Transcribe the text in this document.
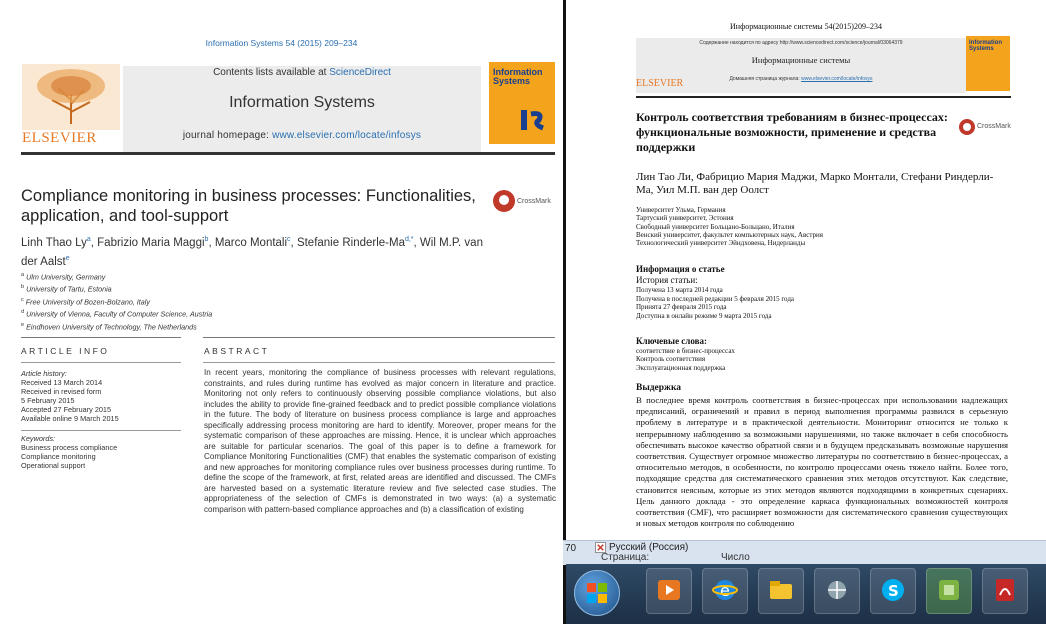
Information Systems 54 (2015) 209–234
ELSEVIER
Contents lists available at ScienceDirect
Information Systems
journal homepage: www.elsevier.com/locate/infosys
Information Systems
Compliance monitoring in business processes: Functionalities, application, and tool-support
CrossMark
Linh Thao Ly$^a$, Fabrizio Maria Maggi$^b$, Marco Montali$^c$, Stefanie Rinderle-$Ma^{d,*}$, Wil M.P. van der Aalst$^e$
$^a$ Ulm University, Germany
$^b$ University of Tartu, Estonia
$^c$ Free University of Bozen-Bolzano, Italy
$^d$ University of Vienna, Faculty of Computer Science, Austria
$^e$ Eindhoven University of Technology, The Netherlands
ARTICLE INFO	ABSTRACT
Article history:
Received 13 March 2014
Received in revised form
5 February 2015
Accepted 27 February 2015
Available online 9 March 2015
Keywords:
Business process compliance
Compliance monitoring
Operational support
In recent years, monitoring the compliance of business processes with relevant regulations, constraints, and rules during runtime has evolved as major concern in literature and practice. Monitoring not only refers to continuously observing possible compliance violations, but also includes the ability to provide fine-grained feedback and to predict possible compliance violations in the future. The body of literature on business process compliance is large and approaches specifically addressing process monitoring are hard to identify. Moreover, proper means for the systematic comparison of these approaches are missing. Hence, it is unclear which approaches are suitable for particular scenarios. The goal of this paper is to define a framework for Compliance Monitoring Functionalities (CMF) that enables the systematic comparison of existing and new approaches for monitoring compliance rules over business processes during runtime. To define the scope of the framework, at first, related areas are identified and discussed. The CMFs are harvested based on a systematic literature review and five selected case studies. The appropriateness of the selection of CMFs is demonstrated in two ways: (a) a systematic comparison with pattern-based compliance approaches and (b) a classification of existing
Информационные системы 54(2015)209–234
Содержание находится по адресу http://www.sciencedirect.com/science/journal/03064379
Информационные системы
Домашняя страница журнала: www.elsevier.com/locate/infosys
ELSEVIER
Information Systems
Контроль соответствия требованиям в бизнес-процессах: функциональные возможности, применение и средства поддержки
CrossMark
Лин Тао Ли, Фабрицио Мария Маджи, Марко Монтали, Стефани Риндерли-Ма, Уил М.П. ван дер Оолст
Университет Ульма, Германия
Тартуский университет, Эстония
Свободный университет Больцано-Больцано, Италия
Венский университет, факультет компьютерных наук, Австрия
Технологический университет Эйндховена, Нидерланды
Информация о статье
История статьи:
Получена 13 марта 2014 года
Получена в последней редакции 5 февраля 2015 года
Принята 27 февраля 2015 года
Доступна в онлайн режиме 9 марта 2015 года
Ключевые слова:
соответствие в бизнес-процессах
Контроль соответствия
Эксплуатационная поддержка
Выдержка
В последнее время контроль соответствия в бизнес-процессах при использовании надлежащих предписаний, ограничений и правил в период выполнения программы развился в серьезную проблему в литературе и в практической деятельности. Мониторинг относится не только к непрерывному наблюдению за возможными нарушениями, но также включает в себя способность обеспечивать высокое качество обратной связи и в будущем предсказывать возможные нарушения соответствия. Существует огромное множество литературы по соответствию в бизнес-процессах, а относительно методов, в особенности, по контролю процессами очень тяжело найти. Более того, подходящие средства для систематического сравнения этих методов отсутствуют. Как следствие, становится неясным, которые из этих методов являются подходящими в конкретных сценариях. Цель данного доклада - это определение каркаса функциональных возможностей контроля соответствия (CMF), что расширяет возможности для систематического сравнения существующих и новых методов контроля по соблюдению
70	Русский (Россия)
Страница:	Число
e	S
